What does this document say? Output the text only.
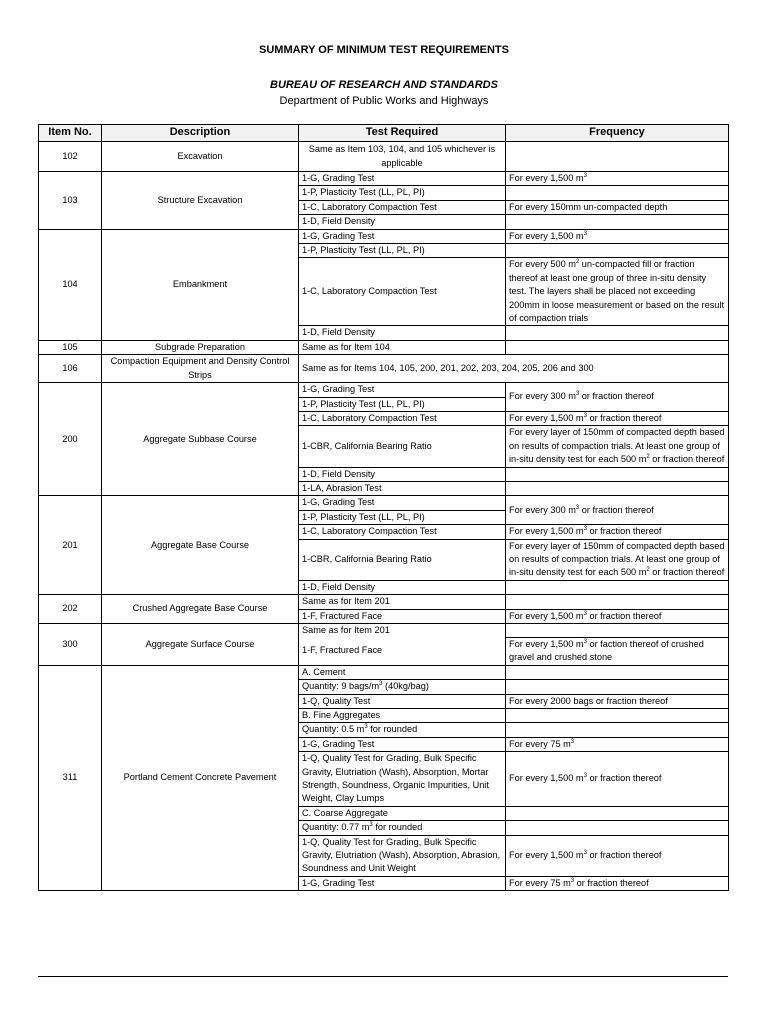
SUMMARY OF MINIMUM TEST REQUIREMENTS
BUREAU OF RESEARCH AND STANDARDS
Department of Public Works and Highways
Item No.	Description	Test Required	Frequency
102	Excavation	Same as Item 103, 104, and 105 whichever is applicable	
103	Structure Excavation	1-G, Grading Test	For every 1,500 $m^3$
		1-P, Plasticity Test (LL, PL, PI)	
		1-C, Laboratory Compaction Test	For every 150mm un-compacted depth
		1-D, Field Density	
104	Embankment	1-G, Grading Test	For every 1,500 $m^3$
		1-P, Plasticity Test (LL, PL, PI)	
		1-C, Laboratory Compaction Test	For every 500 $m^2$ un-compacted fill or fraction thereof at least one group of three in-situ density test. The layers shall be placed not exceeding 200mm in loose measurement or based on the result of compaction trials
		1-D, Field Density	
105	Subgrade Preparation	Same as for Item 104	
106	Compaction Equipment and Density Control Strips	Same as for Items 104, 105, 200, 201, 202, 203, 204, 205, 206 and 300	
200	Aggregate Subbase Course	1-G, Grading Test	For every 300 $m^3$ or fraction thereof
		1-P, Plasticity Test (LL, PL, PI)	
		1-C, Laboratory Compaction Test	For every 1,500 $m^3$ or fraction thereof
		1-CBR, California Bearing Ratio	For every layer of 150mm of compacted depth based on results of compaction trials. At least one group of in-situ density test for each 500 $m^2$ or fraction thereof
		1-D, Field Density	
		1-LA, Abrasion Test	
201	Aggregate Base Course	1-G, Grading Test	For every 300 $m^3$ or fraction thereof
		1-P, Plasticity Test (LL, PL, PI)	
		1-C, Laboratory Compaction Test	For every 1,500 $m^3$ or fraction thereof
		1-CBR, California Bearing Ratio	For every layer of 150mm of compacted depth based on results of compaction trials. At least one group of in-situ density test for each 500 $m^2$ or fraction thereof
		1-D, Field Density	
202	Crushed Aggregate Base Course	Same as for Item 201	
		1-F, Fractured Face	For every 1,500 $m^3$ or fraction thereof
300	Aggregate Surface Course	Same as for Item 201	
		1-F, Fractured Face	For every 1,500 $m^3$ or faction thereof of crushed gravel and crushed stone
311	Portland Cement Concrete Pavement	A. Cement	
		Quantity: 9 bags/$m^3$ (40kg/bag)	
		1-Q, Quality Test	For every 2000 bags or fraction thereof
		B. Fine Aggregates	
		Quantity: 0.5 $m^3$ for rounded	
		1-G, Grading Test	For every 75 $m^3$
		1-Q, Quality Test for Grading, Bulk Specific Gravity, Elutriation (Wash), Absorption, Mortar Strength, Soundness, Organic Impurities, Unit Weight, Clay Lumps	For every 1,500 $m^3$ or fraction thereof
		C. Coarse Aggregate	
		Quantity: 0.77 $m^3$ for rounded	
		1-Q, Quality Test for Grading, Bulk Specific Gravity, Elutriation (Wash), Absorption, Abrasion, Soundness and Unit Weight	For every 1,500 $m^3$ or fraction thereof
		1-G, Grading Test	For every 75 $m^3$ or fraction thereof
